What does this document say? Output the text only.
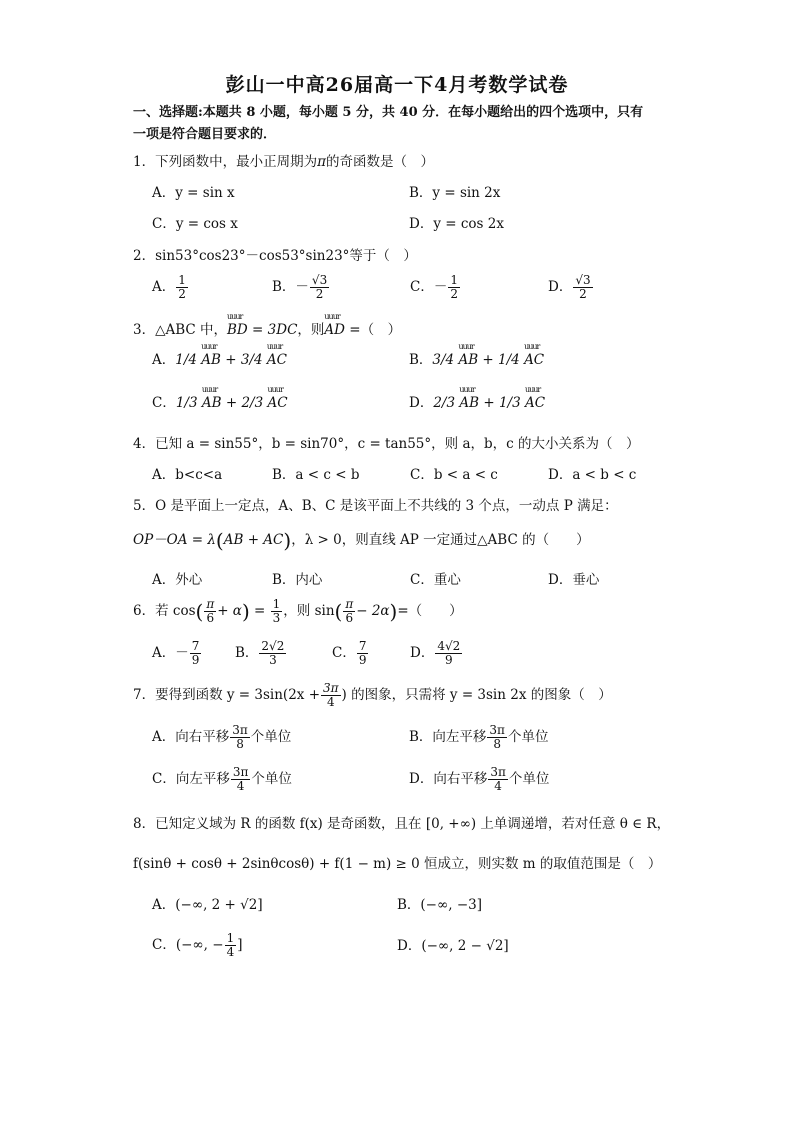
彭山一中高26届高一下4月考数学试卷
一、选择题:本题共 8 小题，每小题 5 分，共 40 分．在每小题给出的四个选项中，只有
一项是符合题目要求的．
1．下列函数中，最小正周期为π的奇函数是（　）
A．y = sin x	B．y = sin 2x
C．y = cos x	D．y = cos 2x
2．sin53°cos23°－cos53°sin23°等于（　）
A． $\frac{1}{2}$	B．－ $\frac{√3}{2}$	C．－ $\frac{1}{2}$	D． $\frac{√3}{2}$
3．△ABC 中，uuur BD = 3DC，则uuur AD =（　）
A．1/4 uuur AB + 3/4 uuur AC	B．3/4 uuur AB + 1/4 uuur AC
C．1/3 uuur AB + 2/3 uuur AC	D．2/3 uuur AB + 1/3 uuur AC
4．已知 a = sin55°，b = sin70°，c = tan55°，则 a，b，c 的大小关系为（　）
A．b<c<a	B．a < c < b	C．b < a < c	D．a < b < c
5．O 是平面上一定点，A、B、C 是该平面上不共线的 3 个点，一动点 P 满足：
OP－OA = λ(AB + AC)，λ > 0，则直线 AP 一定通过△ABC 的（　　）
A．外心	B．内心	C．重心	D．垂心
6．若 $\cos( \frac{\pi}{6} + \alpha) = \frac{1}{3}$ ，则 $\sin( \frac{\pi}{6} - 2\alpha)=$（　　）
A．－ $\frac{7}{9}$ B． $\frac{2√2}{3}$	C． $\frac{7}{9}$	D． $\frac{4√2}{9}$
7．要得到函数 $y = 3\sin(2x + \frac{3\pi}{4}$ ) 的图象，只需将 y = 3sin 2x 的图象（　）
A．向右平移 $\frac{3\pi}{8}$ 个单位	B．向左平移 $\frac{3\pi}{8}$ 个单位
C．向左平移 $\frac{3\pi}{4}$ 个单位	D．向右平移 $\frac{3\pi}{4}$ 个单位
8．已知定义域为 R 的函数 f(x) 是奇函数，且在 [0, +∞) 上单调递增，若对任意 θ ∈ R，
f(sinθ + cosθ + 2sinθcosθ) + f(1 − m) ≥ 0 恒成立，则实数 m 的取值范围是（　）
A．(−∞, 2 + √2]	B．(−∞, −3]
C．(−∞, − $\frac{1}{4}$ ]	D．(−∞, 2 − √2]
